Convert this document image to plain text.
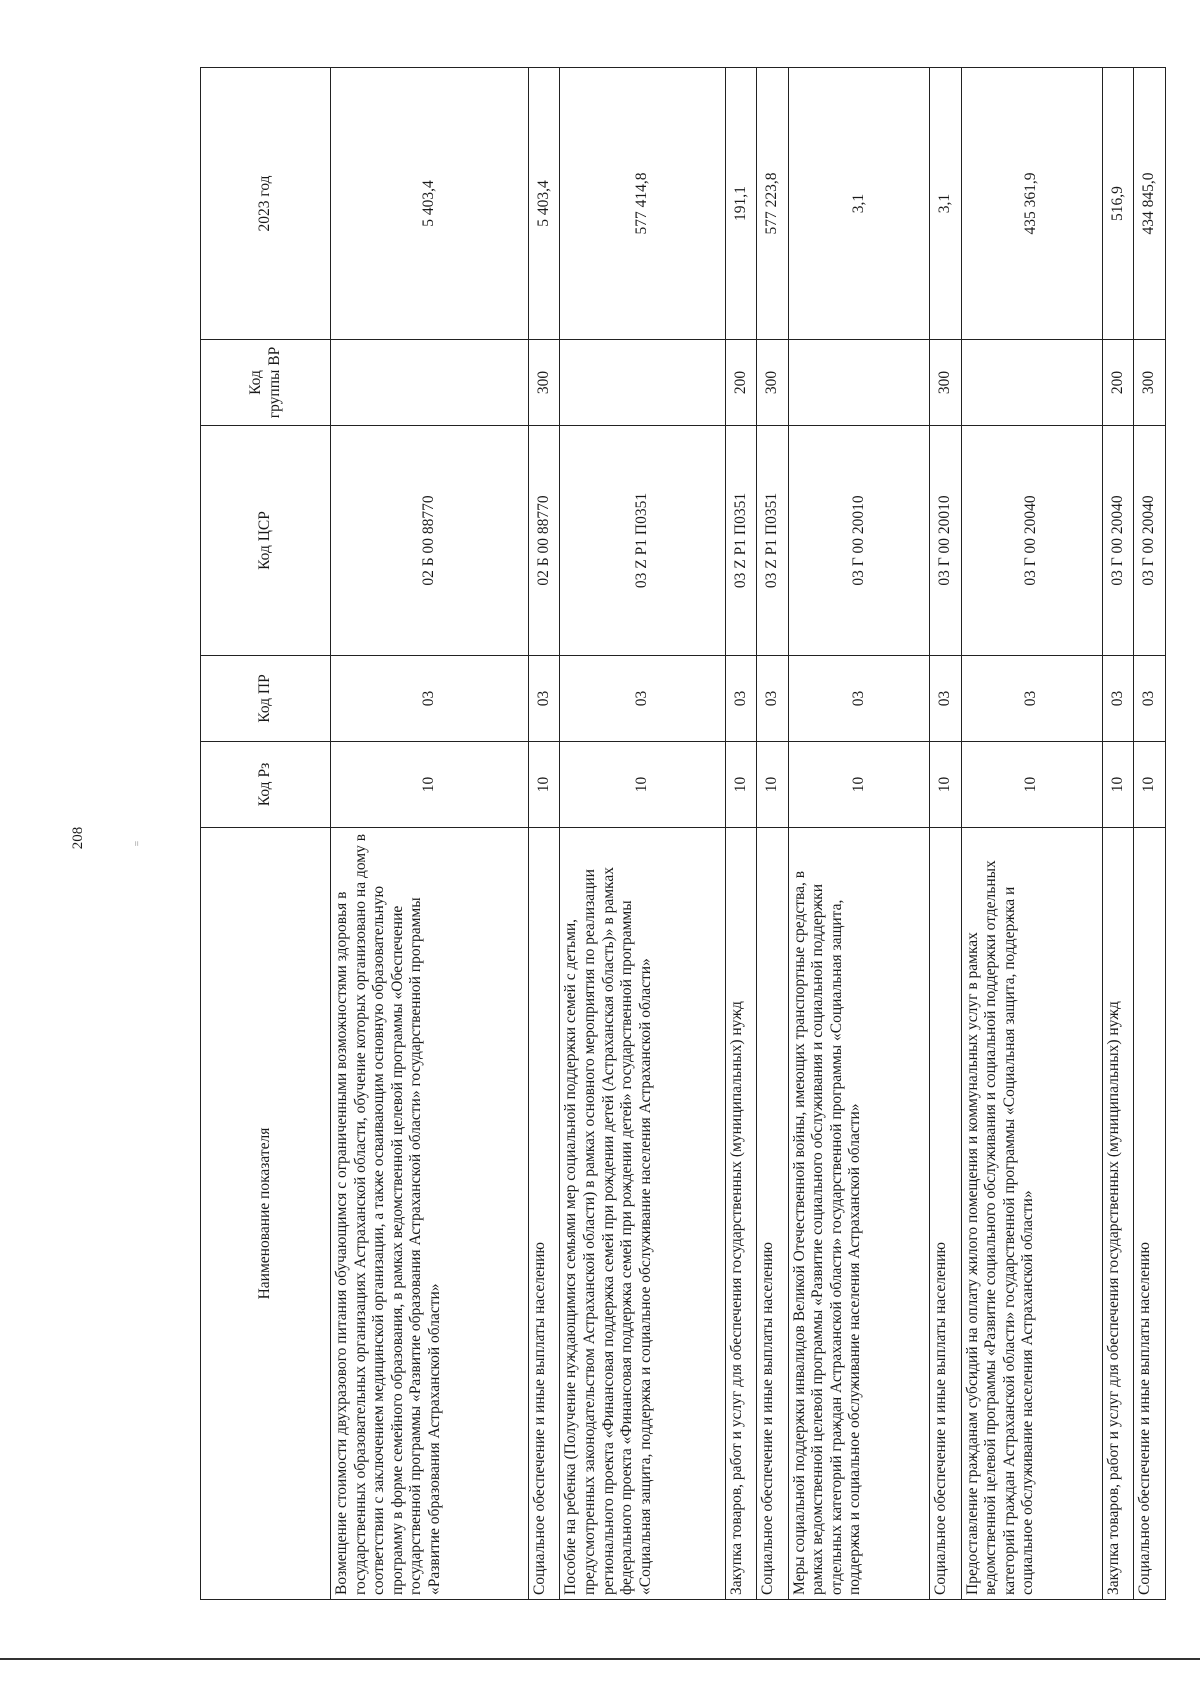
208	=
Наименование показателя	Код Рз	Код ПР	Код ЦСР	Код группы ВР	2023 год
Возмещение стоимости двухразового питания обучающимся с ограниченными возможностями здоровья в государственных образовательных организациях Астраханской области, обучение которых организовано на дому в соответствии с заключением медицинской организации, а также осваивающим основную образовательную программу в форме семейного образования, в рамках ведомственной целевой программы «Обеспечение государственной программы «Развитие образования Астраханской области» государственной программы «Развитие образования Астраханской области»	10	03	02 Б 00 88770		5 403,4
Социальное обеспечение и иные выплаты населению	10	03	02 Б 00 88770	300	5 403,4
Пособие на ребенка (Получение нуждающимися семьями мер социальной поддержки семей с детьми, предусмотренных законодательством Астраханской области) в рамках основного мероприятия по реализации регионального проекта «Финансовая поддержка семей при рождении детей (Астраханская область)» в рамках федерального проекта «Финансовая поддержка семей при рождении детей» государственной программы «Социальная защита, поддержка и социальное обслуживание населения Астраханской области»	10	03	03 Z P1 П0351		577 414,8
Закупка товаров, работ и услуг для обеспечения государственных (муниципальных) нужд	10	03	03 Z P1 П0351	200	191,1
Социальное обеспечение и иные выплаты населению	10	03	03 Z P1 П0351	300	577 223,8
Меры социальной поддержки инвалидов Великой Отечественной войны, имеющих транспортные средства, в рамках ведомственной целевой программы «Развитие социального обслуживания и социальной поддержки отдельных категорий граждан Астраханской области» государственной программы «Социальная защита, поддержка и социальное обслуживание населения Астраханской области»	10	03	03 Г 00 20010		3,1
Социальное обеспечение и иные выплаты населению	10	03	03 Г 00 20010	300	3,1
Предоставление гражданам субсидий на оплату жилого помещения и коммунальных услуг в рамках ведомственной целевой программы «Развитие социального обслуживания и социальной поддержки отдельных категорий граждан Астраханской области» государственной программы «Социальная защита, поддержка и социальное обслуживание населения Астраханской области»	10	03	03 Г 00 20040		435 361,9
Закупка товаров, работ и услуг для обеспечения государственных (муниципальных) нужд	10	03	03 Г 00 20040	200	516,9
Социальное обеспечение и иные выплаты населению	10	03	03 Г 00 20040	300	434 845,0
